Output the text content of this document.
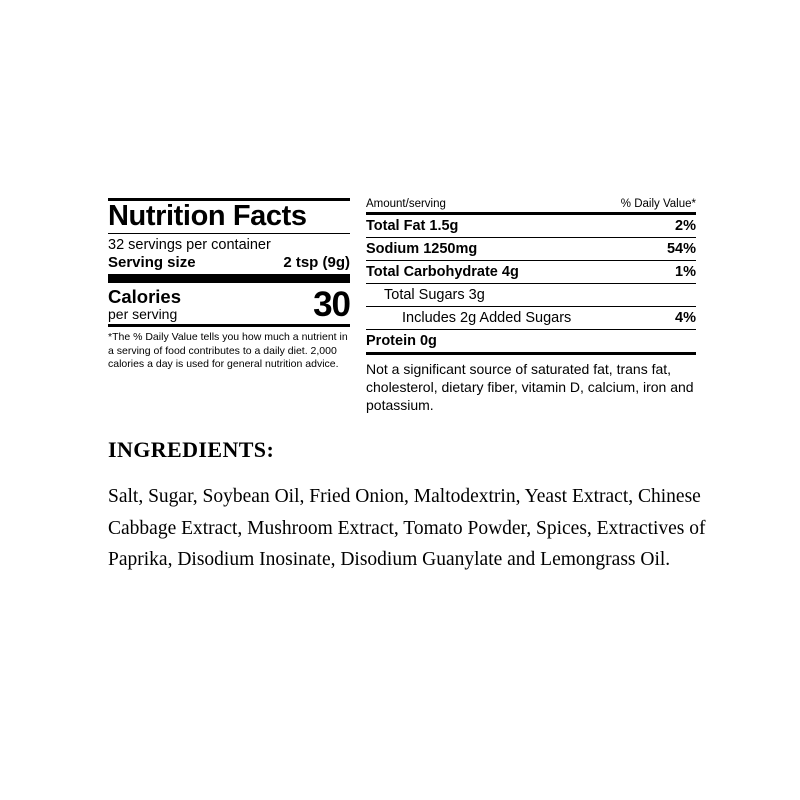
Nutrition Facts
32 servings per container
Serving size	2 tsp (9g)
Calories
per serving	30
*The % Daily Value tells you how much a nutrient in a serving of food contributes to a daily diet. 2,000 calories a day is used for general nutrition advice.
Amount/serving	% Daily Value*
Total Fat 1.5g	2%
Sodium 1250mg	54%
Total Carbohydrate 4g	1%
Total Sugars 3g
Includes 2g Added Sugars	4%
Protein 0g
Not a significant source of saturated fat, trans fat, cholesterol, dietary fiber, vitamin D, calcium, iron and potassium.
INGREDIENTS:

Salt, Sugar, Soybean Oil, Fried Onion, Maltodextrin, Yeast Extract, Chinese Cabbage Extract, Mushroom Extract, Tomato Powder, Spices, Extractives of Paprika, Disodium Inosinate, Disodium Guanylate and Lemongrass Oil.
